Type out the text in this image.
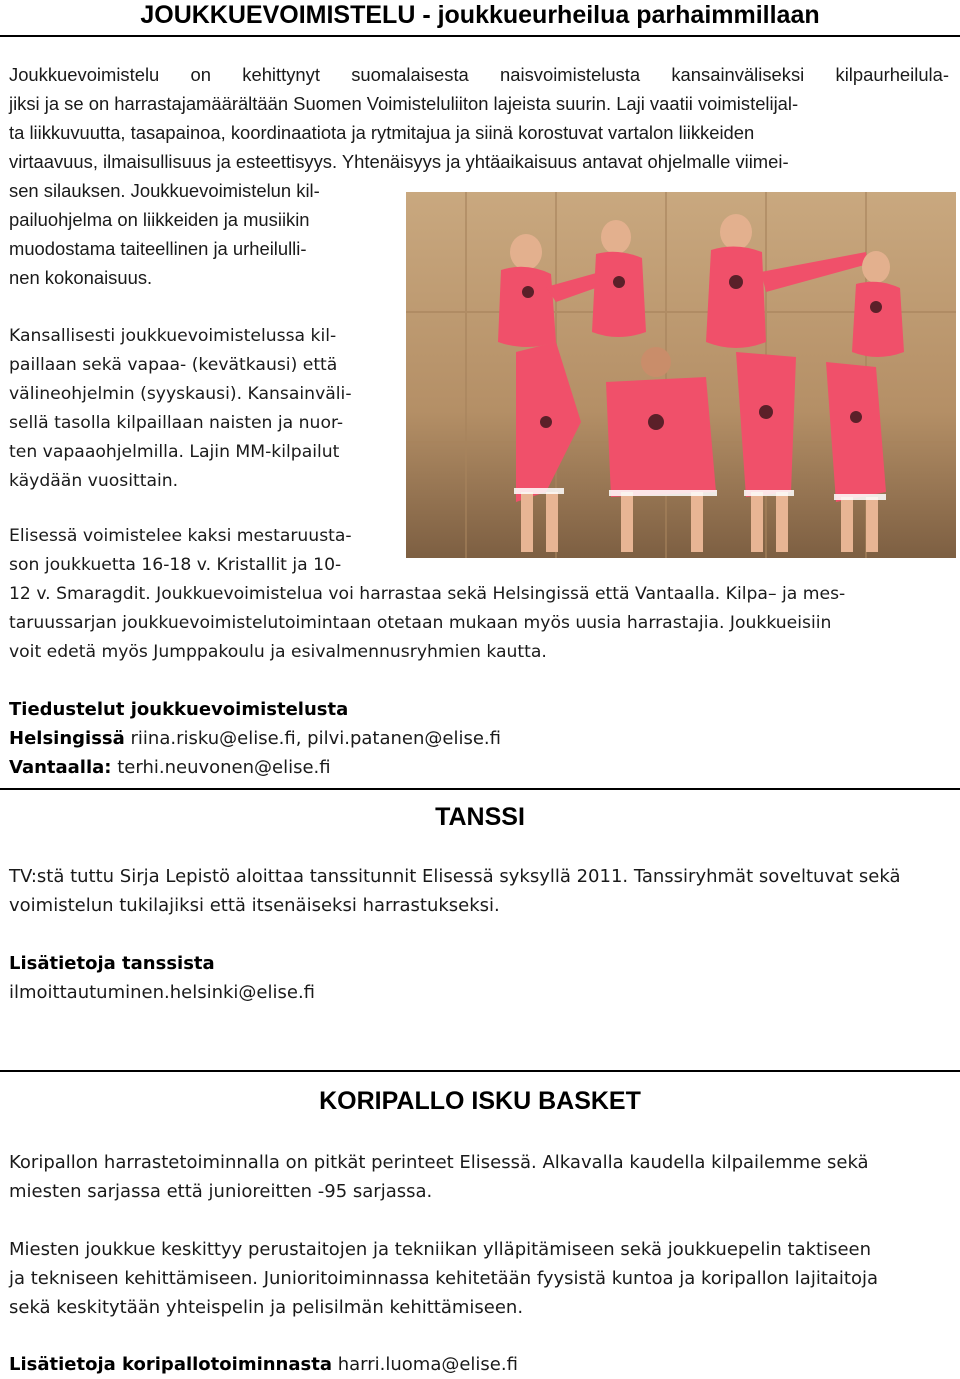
JOUKKUEVOIMISTELU - joukkueurheilua parhaimmillaan
Joukkuevoimistelu on kehittynyt suomalaisesta naisvoimistelusta kansainväliseksi kilpaurheilula-
jiksi ja se on harrastajamäärältään Suomen Voimisteluliiton lajeista suurin. Laji vaatii voimistelijal-
ta liikkuvuutta, tasapainoa, koordinaatiota ja rytmitajua ja siinä korostuvat vartalon liikkeiden
virtaavuus, ilmaisullisuus ja esteettisyys. Yhtenäisyys ja yhtäaikaisuus antavat ohjelmalle viimei-
sen silauksen. Joukkuevoimistelun kil-
pailuohjelma on liikkeiden ja musiikin
muodostama taiteellinen ja urheilulli-
nen kokonaisuus.
Kansallisesti joukkuevoimistelussa kil-
paillaan sekä vapaa- (kevätkausi) että
välineohjelmin (syyskausi). Kansainväli-
sellä tasolla kilpaillaan naisten ja nuor-
ten vapaaohjelmilla. Lajin MM-kilpailut
käydään vuosittain.
Elisessä voimistelee kaksi mestaruusta-
son joukkuetta 16-18 v. Kristallit ja 10-
12 v. Smaragdit. Joukkuevoimistelua voi harrastaa sekä Helsingissä että Vantaalla. Kilpa– ja mes-
taruussarjan joukkuevoimistelutoimintaan otetaan mukaan myös uusia harrastajia. Joukkueisiin
voit edetä myös Jumppakoulu ja esivalmennusryhmien kautta.
Tiedustelut joukkuevoimistelusta
Helsingissä riina.risku@elise.fi, pilvi.patanen@elise.fi
Vantaalla: terhi.neuvonen@elise.fi
TANSSI
TV:stä tuttu Sirja Lepistö aloittaa tanssitunnit Elisessä syksyllä 2011. Tanssiryhmät soveltuvat sekä
voimistelun tukilajiksi että itsenäiseksi harrastukseksi.
Lisätietoja tanssista
ilmoittautuminen.helsinki@elise.fi
KORIPALLO ISKU BASKET
Koripallon harrastetoiminnalla on pitkät perinteet Elisessä. Alkavalla kaudella kilpailemme sekä
miesten sarjassa että junioreitten -95 sarjassa.
Miesten joukkue keskittyy perustaitojen ja tekniikan ylläpitämiseen sekä joukkuepelin taktiseen
ja tekniseen kehittämiseen. Junioritoiminnassa kehitetään fyysistä kuntoa ja koripallon lajitaitoja
sekä keskitytään yhteispelin ja pelisilmän kehittämiseen.
Lisätietoja koripallotoiminnasta harri.luoma@elise.fi
